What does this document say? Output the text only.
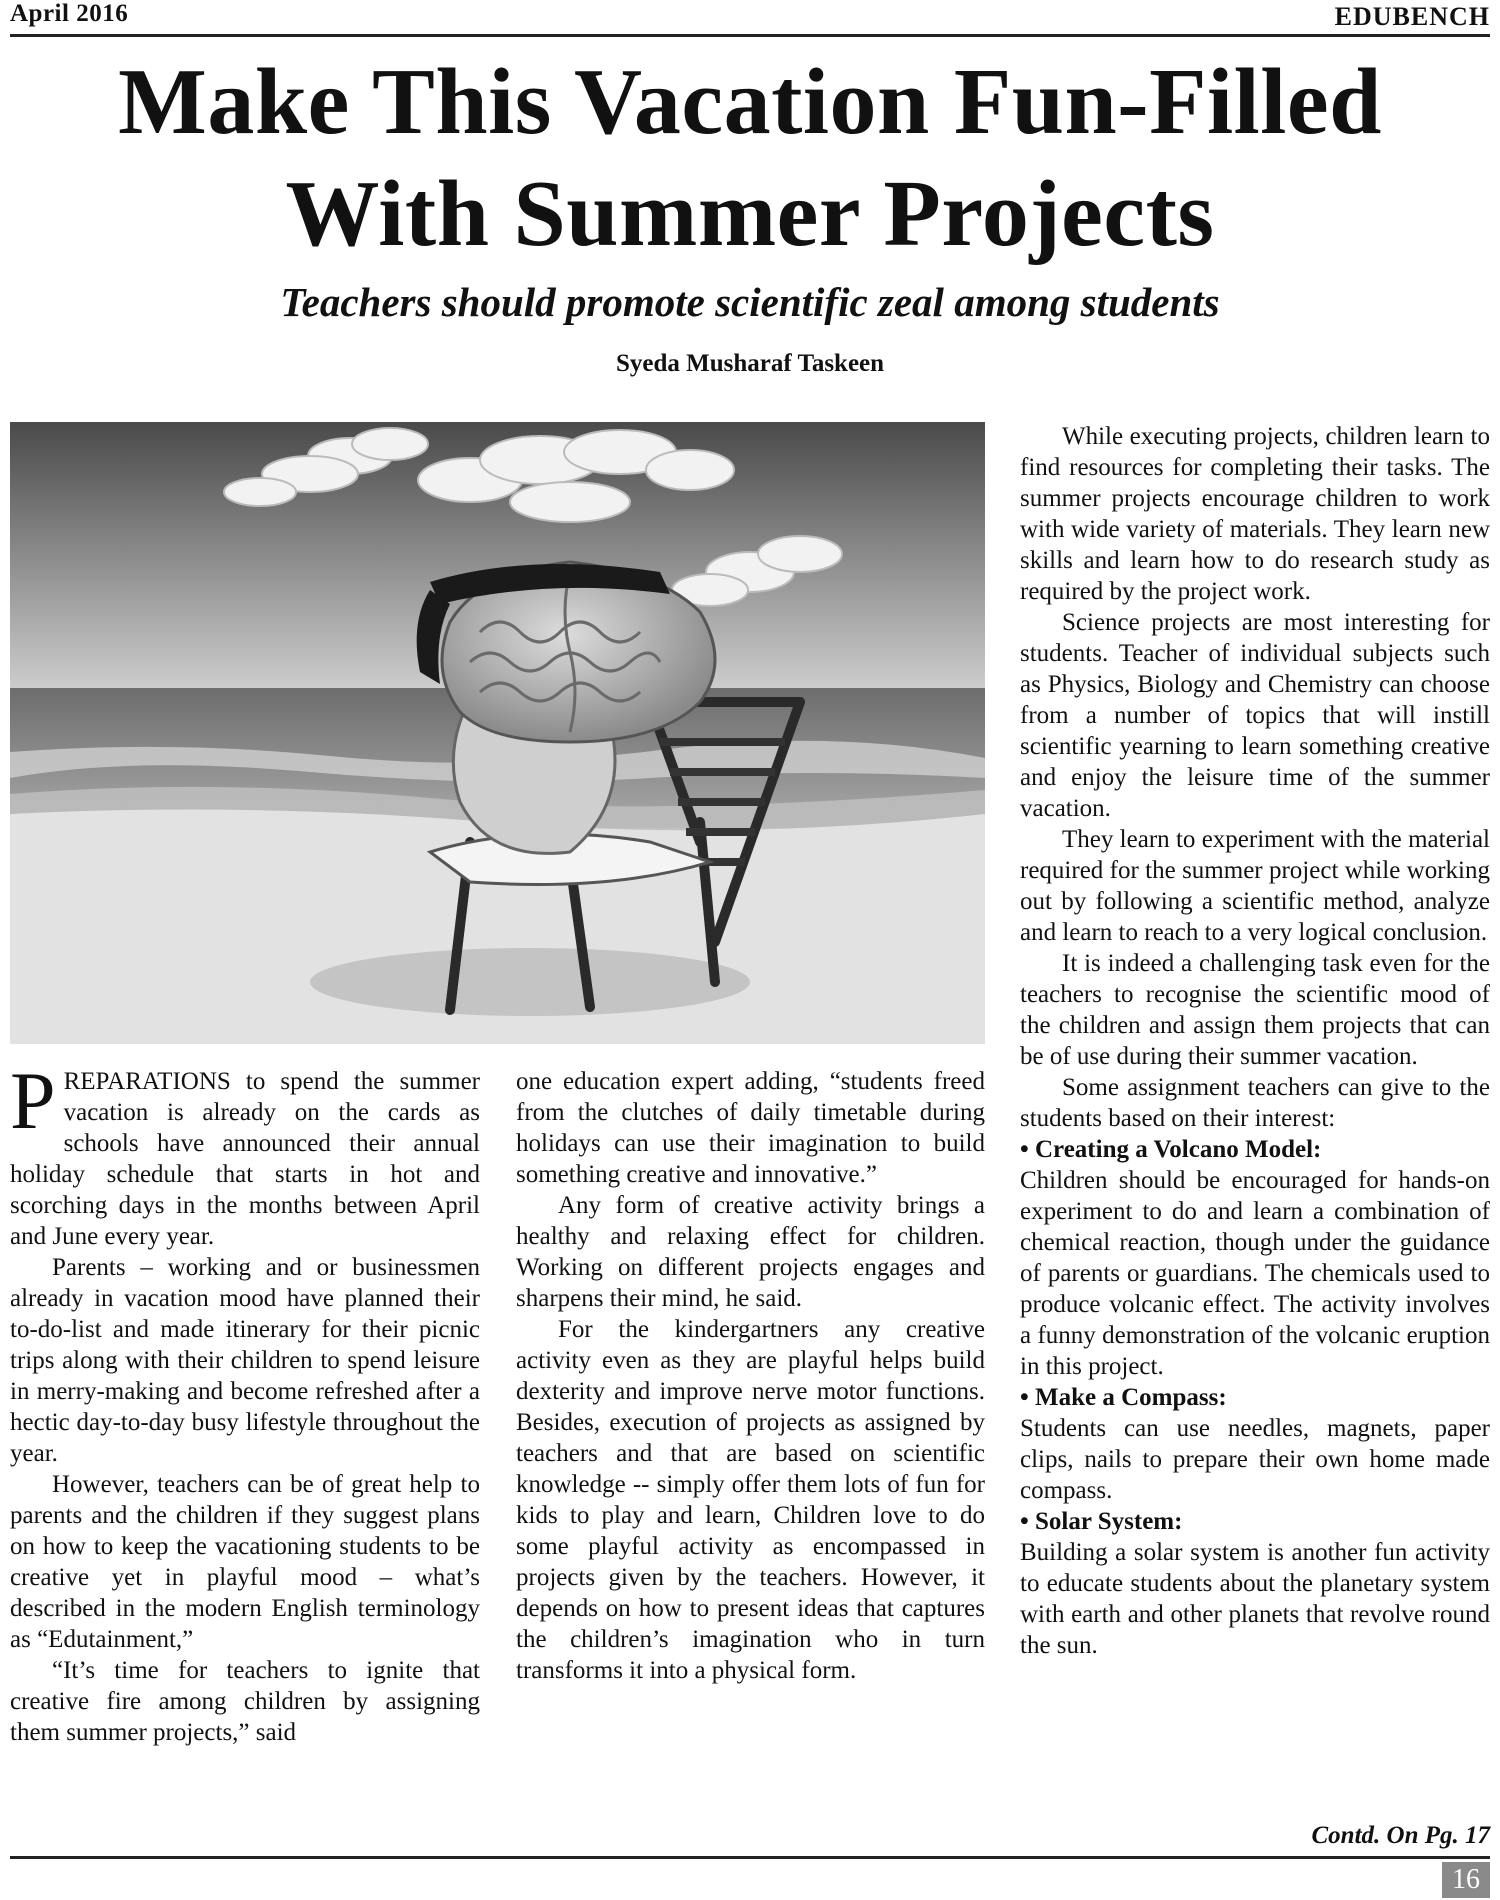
April 2016	EDUBENCH
Make This Vacation Fun-Filled
With Summer Projects
Teachers should promote scientific zeal among students
Syeda Musharaf Taskeen

PREPARATIONS to spend the summer vacation is already on the cards as schools have announced their annual holiday schedule that starts in hot and scorching days in the months between April and June every year.

Parents – working and or businessmen already in vacation mood have planned their to-do-list and made itinerary for their picnic trips along with their children to spend leisure in merry-making and become refreshed after a hectic day-to-day busy lifestyle throughout the year.

However, teachers can be of great help to parents and the children if they suggest plans on how to keep the vacationing students to be creative yet in playful mood – what’s described in the modern English terminology as “Edutainment,”

“It’s time for teachers to ignite that creative fire among children by assigning them summer projects,” said

one education expert adding, “students freed from the clutches of daily timetable during holidays can use their imagination to build something creative and innovative.”

Any form of creative activity brings a healthy and relaxing effect for children. Working on different projects engages and sharpens their mind, he said.

For the kindergartners any creative activity even as they are playful helps build dexterity and improve nerve motor functions. Besides, execution of projects as assigned by teachers and that are based on scientific knowledge -- simply offer them lots of fun for kids to play and learn, Children love to do some playful activity as encompassed in projects given by the teachers. However, it depends on how to present ideas that captures the children’s imagination who in turn transforms it into a physical form.

While executing projects, children learn to find resources for completing their tasks. The summer projects encourage children to work with wide variety of materials. They learn new skills and learn how to do research study as required by the project work.

Science projects are most interesting for students. Teacher of individual subjects such as Physics, Biology and Chemistry can choose from a number of topics that will instill scientific yearning to learn something creative and enjoy the leisure time of the summer vacation.

They learn to experiment with the material required for the summer project while working out by following a scientific method, analyze and learn to reach to a very logical conclusion.

It is indeed a challenging task even for the teachers to recognise the scientific mood of the children and assign them projects that can be of use during their summer vacation.

Some assignment teachers can give to the students based on their interest:

• Creating a Volcano Model:

Children should be encouraged for hands-on experiment to do and learn a combination of chemical reaction, though under the guidance of parents or guardians. The chemicals used to produce volcanic effect. The activity involves a funny demonstration of the volcanic eruption in this project.

• Make a Compass:

Students can use needles, magnets, paper clips, nails to prepare their own home made compass.

• Solar System:

Building a solar system is another fun activity to educate students about the planetary system with earth and other planets that revolve round the sun.

Contd. On Pg. 17
16
